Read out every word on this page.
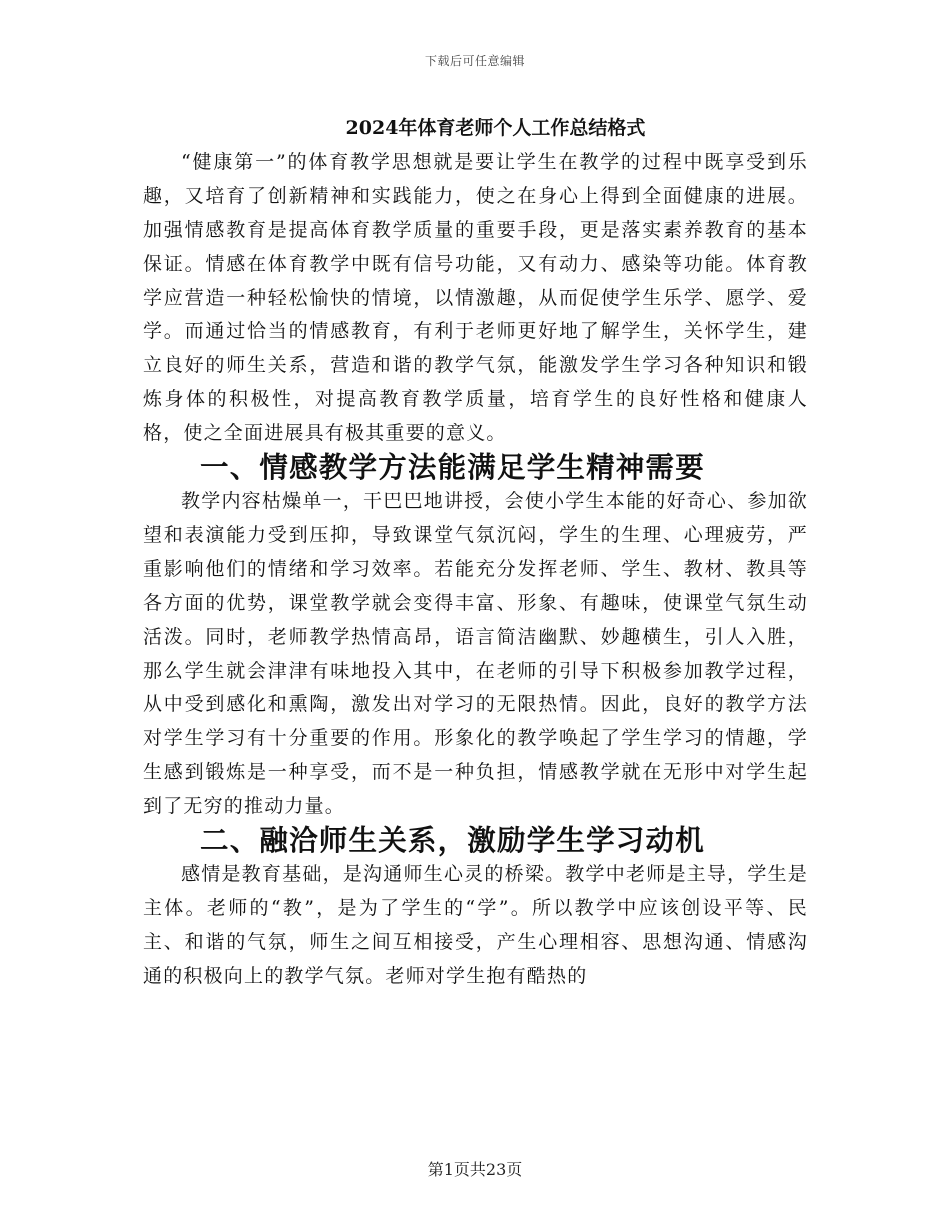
下载后可任意编辑
2024年体育老师个人工作总结格式

“健康第一”的体育教学思想就是要让学生在教学的过程中既享受到乐趣，又培育了创新精神和实践能力，使之在身心上得到全面健康的进展。加强情感教育是提高体育教学质量的重要手段，更是落实素养教育的基本保证。情感在体育教学中既有信号功能，又有动力、感染等功能。体育教学应营造一种轻松愉快的情境，以情激趣，从而促使学生乐学、愿学、爱学。而通过恰当的情感教育，有利于老师更好地了解学生，关怀学生，建立良好的师生关系，营造和谐的教学气氛，能激发学生学习各种知识和锻炼身体的积极性，对提高教育教学质量，培育学生的良好性格和健康人格，使之全面进展具有极其重要的意义。

一、情感教学方法能满足学生精神需要

教学内容枯燥单一，干巴巴地讲授，会使小学生本能的好奇心、参加欲望和表演能力受到压抑，导致课堂气氛沉闷，学生的生理、心理疲劳，严重影响他们的情绪和学习效率。若能充分发挥老师、学生、教材、教具等各方面的优势，课堂教学就会变得丰富、形象、有趣味，使课堂气氛生动活泼。同时，老师教学热情高昂，语言简洁幽默、妙趣横生，引人入胜，那么学生就会津津有味地投入其中，在老师的引导下积极参加教学过程，从中受到感化和熏陶，激发出对学习的无限热情。因此，良好的教学方法对学生学习有十分重要的作用。形象化的教学唤起了学生学习的情趣，学生感到锻炼是一种享受，而不是一种负担，情感教学就在无形中对学生起到了无穷的推动力量。

二、融洽师生关系，激励学生学习动机

感情是教育基础，是沟通师生心灵的桥梁。教学中老师是主导，学生是主体。老师的“教”，是为了学生的“学”。所以教学中应该创设平等、民主、和谐的气氛，师生之间互相接受，产生心理相容、思想沟通、情感沟通的积极向上的教学气氛。老师对学生抱有酷热的

第1页共23页
